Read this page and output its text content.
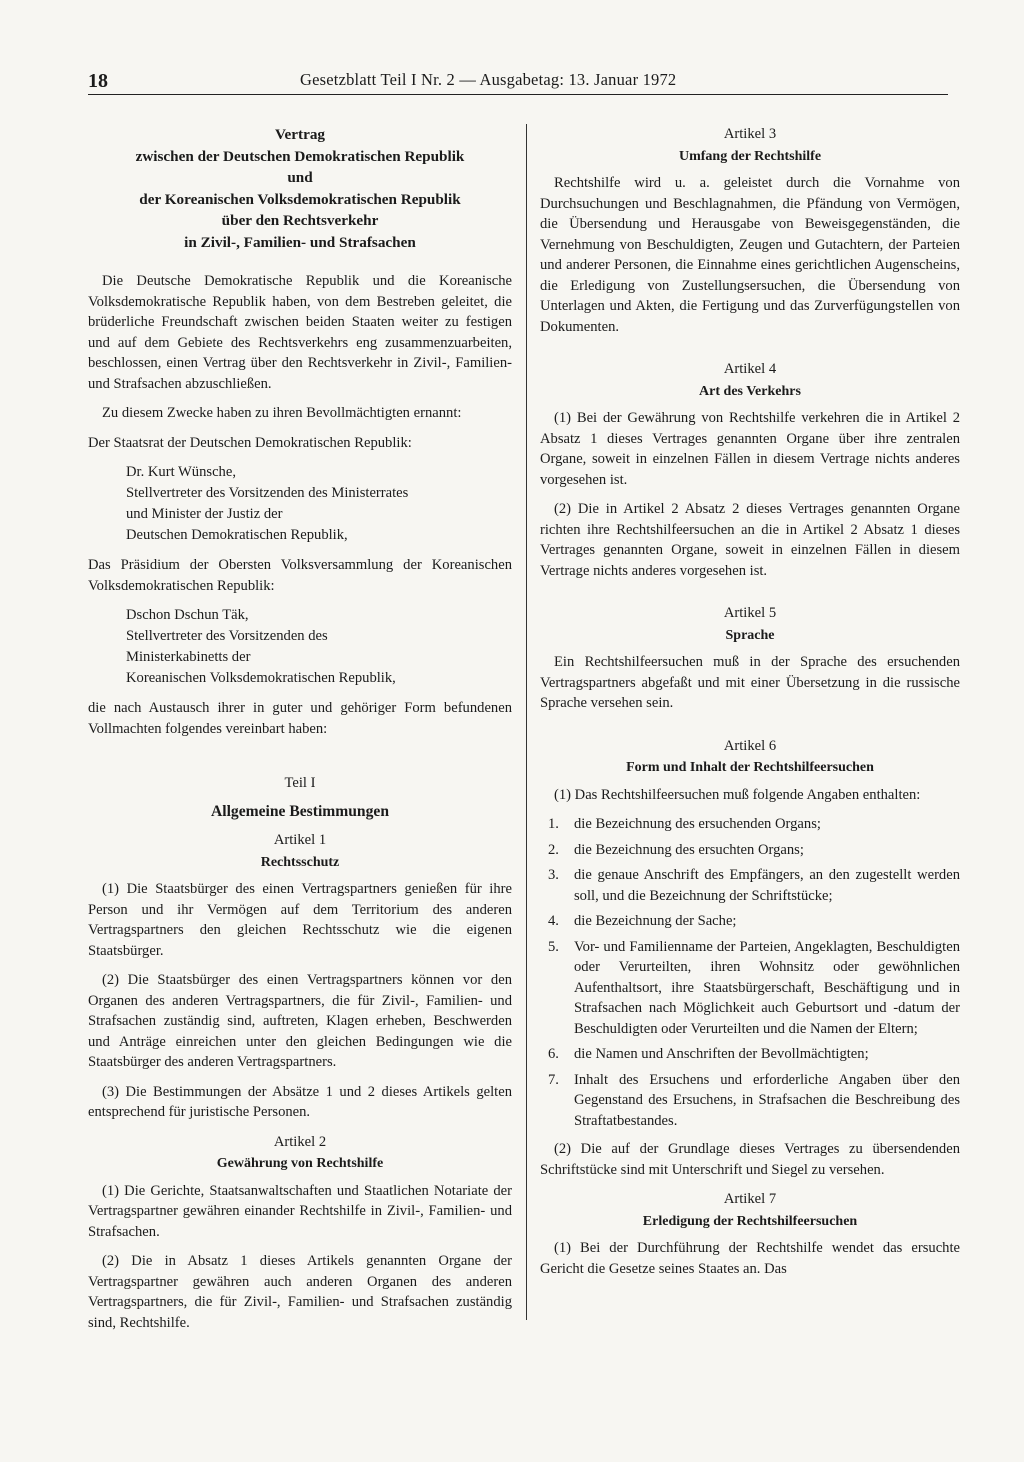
18	Gesetzblatt Teil I Nr. 2 — Ausgabetag: 13. Januar 1972
Vertrag
zwischen der Deutschen Demokratischen Republik
und
der Koreanischen Volksdemokratischen Republik
über den Rechtsverkehr
in Zivil-, Familien- und Strafsachen

Die Deutsche Demokratische Republik und die Koreanische Volksdemokratische Republik haben, von dem Bestreben geleitet, die brüderliche Freundschaft zwischen beiden Staaten weiter zu festigen und auf dem Gebiete des Rechtsverkehrs eng zusammenzuarbeiten, beschlossen, einen Vertrag über den Rechtsverkehr in Zivil-, Familien- und Strafsachen abzuschließen.

Zu diesem Zwecke haben zu ihren Bevollmächtigten ernannt:

Der Staatsrat der Deutschen Demokratischen Republik:

Dr. Kurt Wünsche,
Stellvertreter des Vorsitzenden des Ministerrates
und Minister der Justiz der
Deutschen Demokratischen Republik,

Das Präsidium der Obersten Volksversammlung der Koreanischen Volksdemokratischen Republik:

Dschon Dschun Täk,
Stellvertreter des Vorsitzenden des
Ministerkabinetts der
Koreanischen Volksdemokratischen Republik,

die nach Austausch ihrer in guter und gehöriger Form befundenen Vollmachten folgendes vereinbart haben:

Teil I
Allgemeine Bestimmungen
Artikel 1
Rechtsschutz

(1) Die Staatsbürger des einen Vertragspartners genießen für ihre Person und ihr Vermögen auf dem Territorium des anderen Vertragspartners den gleichen Rechtsschutz wie die eigenen Staatsbürger.

(2) Die Staatsbürger des einen Vertragspartners können vor den Organen des anderen Vertragspartners, die für Zivil-, Familien- und Strafsachen zuständig sind, auftreten, Klagen erheben, Beschwerden und Anträge einreichen unter den gleichen Bedingungen wie die Staatsbürger des anderen Vertragspartners.

(3) Die Bestimmungen der Absätze 1 und 2 dieses Artikels gelten entsprechend für juristische Personen.

Artikel 2
Gewährung von Rechtshilfe

(1) Die Gerichte, Staatsanwaltschaften und Staatlichen Notariate der Vertragspartner gewähren einander Rechtshilfe in Zivil-, Familien- und Strafsachen.

(2) Die in Absatz 1 dieses Artikels genannten Organe der Vertragspartner gewähren auch anderen Organen des anderen Vertragspartners, die für Zivil-, Familien- und Strafsachen zuständig sind, Rechtshilfe.

Artikel 3
Umfang der Rechtshilfe

Rechtshilfe wird u. a. geleistet durch die Vornahme von Durchsuchungen und Beschlagnahmen, die Pfändung von Vermögen, die Übersendung und Herausgabe von Beweisgegenständen, die Vernehmung von Beschuldigten, Zeugen und Gutachtern, der Parteien und anderer Personen, die Einnahme eines gerichtlichen Augenscheins, die Erledigung von Zustellungsersuchen, die Übersendung von Unterlagen und Akten, die Fertigung und das Zurverfügungstellen von Dokumenten.

Artikel 4
Art des Verkehrs

(1) Bei der Gewährung von Rechtshilfe verkehren die in Artikel 2 Absatz 1 dieses Vertrages genannten Organe über ihre zentralen Organe, soweit in einzelnen Fällen in diesem Vertrage nichts anderes vorgesehen ist.

(2) Die in Artikel 2 Absatz 2 dieses Vertrages genannten Organe richten ihre Rechtshilfeersuchen an die in Artikel 2 Absatz 1 dieses Vertrages genannten Organe, soweit in einzelnen Fällen in diesem Vertrage nichts anderes vorgesehen ist.

Artikel 5
Sprache

Ein Rechtshilfeersuchen muß in der Sprache des ersuchenden Vertragspartners abgefaßt und mit einer Übersetzung in die russische Sprache versehen sein.

Artikel 6
Form und Inhalt der Rechtshilfeersuchen

(1) Das Rechtshilfeersuchen muß folgende Angaben enthalten:

1.	die Bezeichnung des ersuchenden Organs;
2.	die Bezeichnung des ersuchten Organs;
3.	die genaue Anschrift des Empfängers, an den zugestellt werden soll, und die Bezeichnung der Schriftstücke;
4.	die Bezeichnung der Sache;
5.	Vor- und Familienname der Parteien, Angeklagten, Beschuldigten oder Verurteilten, ihren Wohnsitz oder gewöhnlichen Aufenthaltsort, ihre Staatsbürgerschaft, Beschäftigung und in Strafsachen nach Möglichkeit auch Geburtsort und -datum der Beschuldigten oder Verurteilten und die Namen der Eltern;
6.	die Namen und Anschriften der Bevollmächtigten;
7.	Inhalt des Ersuchens und erforderliche Angaben über den Gegenstand des Ersuchens, in Strafsachen die Beschreibung des Straftatbestandes.

(2) Die auf der Grundlage dieses Vertrages zu übersendenden Schriftstücke sind mit Unterschrift und Siegel zu versehen.

Artikel 7
Erledigung der Rechtshilfeersuchen

(1) Bei der Durchführung der Rechtshilfe wendet das ersuchte Gericht die Gesetze seines Staates an. Das
